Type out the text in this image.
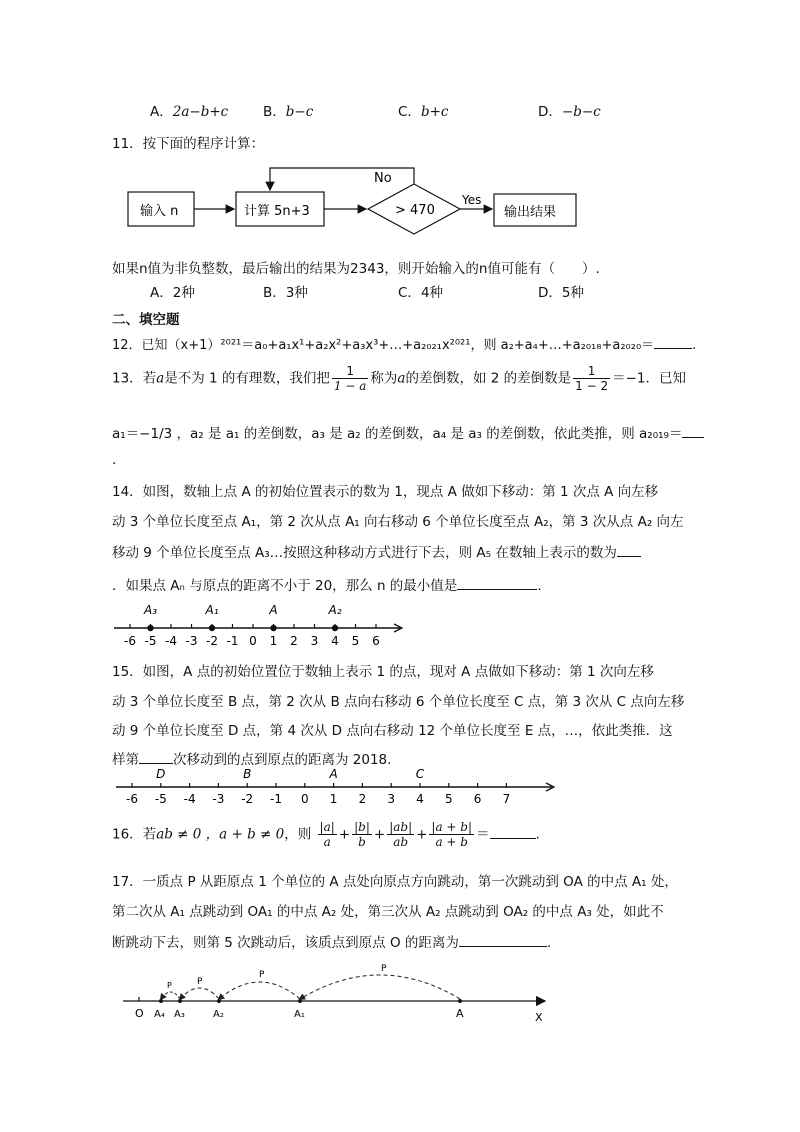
A．2a−b+c	B．b−c	C．b+c	D．−b−c
11．按下面的程序计算：
输入 n	计算 5n+3	> 470
No
Yes
输出结果
如果n值为非负整数，最后输出的结果为2343，则开始输入的n值可能有（　　）.
A．2种	B．3种	C．4种	D．5种
二、填空题
12．已知（x+1）²⁰²¹＝a₀+a₁x¹+a₂x²+a₃x³+…+a₂₀₂₁x²⁰²¹，则 a₂+a₄+…+a₂₀₁₈+a₂₀₂₀＝	.
13．若a是不为 1 的有理数，我们把 $\frac{1}{1 - a}$ 称为a的差倒数，如 2 的差倒数是 $\frac{1}{1 - 2} =-1$．已知
a₁＝−1/3 ，a₂ 是 a₁ 的差倒数，a₃ 是 a₂ 的差倒数，a₄ 是 a₃ 的差倒数，依此类推，则 a₂₀₁₉＝
.
14．如图，数轴上点 A 的初始位置表示的数为 1，现点 A 做如下移动：第 1 次点 A 向左移
动 3 个单位长度至点 A₁，第 2 次从点 A₁ 向右移动 6 个单位长度至点 A₂，第 3 次从点 A₂ 向左
移动 9 个单位长度至点 A₃…按照这种移动方式进行下去，则 A₅ 在数轴上表示的数为
．如果点 Aₙ 与原点的距离不小于 20，那么 n 的最小值是	.
-6 -5 -4 -3 -2 -1 0 1 2 3 4 5 6
A₃	A₁	A	A₂
15．如图，A 点的初始位置位于数轴上表示 1 的点，现对 A 点做如下移动：第 1 次向左移
动 3 个单位长度至 B 点，第 2 次从 B 点向右移动 6 个单位长度至 C 点，第 3 次从 C 点向左移
动 9 个单位长度至 D 点，第 4 次从 D 点向右移动 12 个单位长度至 E 点，…，依此类推．这
样第	次移动到的点到原点的距离为 2018.
-6 -5 -4 -3 -2 -1 0 1 2 3 4 5 6 7
D	B	A	C
16．若ab ≠ 0 ，a + b ≠ 0，则 $\frac{|a|}{a} + \frac{|b|}{b} + \frac{|ab|}{ab} + \frac{|a + b|}{a + b}$ ＝	.
17．一质点 P 从距原点 1 个单位的 A 点处向原点方向跳动，第一次跳动到 OA 的中点 A₁ 处，
第二次从 A₁ 点跳动到 OA₁ 的中点 A₂ 处，第三次从 A₂ 点跳动到 OA₂ 的中点 A₃ 处，如此不
断跳动下去，则第 5 次跳动后，该质点到原点 O 的距离为	.
P
P
P
P
O A₄ A₃	A₂	A₁	A	X
